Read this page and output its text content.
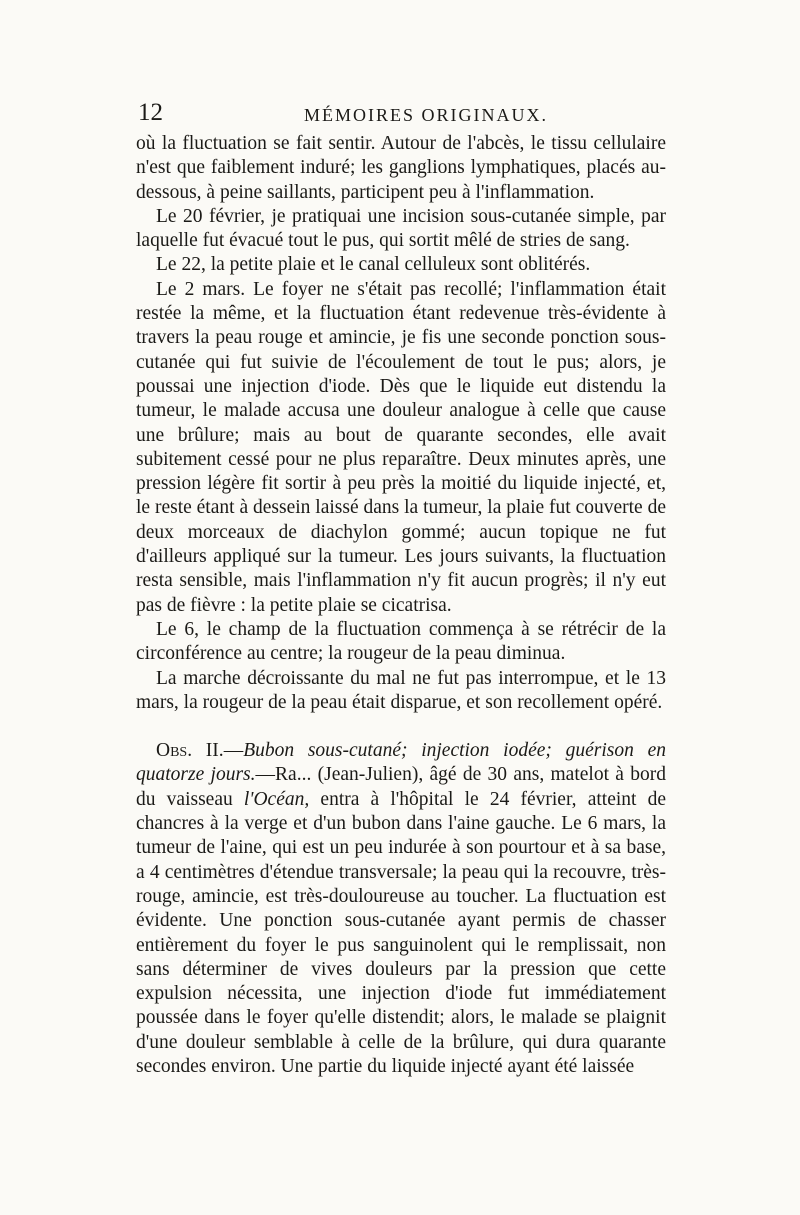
12	MÉMOIRES ORIGINAUX.

où la fluctuation se fait sentir. Autour de l'abcès, le tissu cellulaire n'est que faiblement induré; les ganglions lymphatiques, placés au-dessous, à peine saillants, participent peu à l'inflammation.

Le 20 février, je pratiquai une incision sous-cutanée simple, par laquelle fut évacué tout le pus, qui sortit mêlé de stries de sang.

Le 22, la petite plaie et le canal celluleux sont oblitérés.

Le 2 mars. Le foyer ne s'était pas recollé; l'inflammation était restée la même, et la fluctuation étant redevenue très-évidente à travers la peau rouge et amincie, je fis une seconde ponction sous-cutanée qui fut suivie de l'écoulement de tout le pus; alors, je poussai une injection d'iode. Dès que le liquide eut distendu la tumeur, le malade accusa une douleur analogue à celle que cause une brûlure; mais au bout de quarante secondes, elle avait subitement cessé pour ne plus reparaître. Deux minutes après, une pression légère fit sortir à peu près la moitié du liquide injecté, et, le reste étant à dessein laissé dans la tumeur, la plaie fut couverte de deux morceaux de diachylon gommé; aucun topique ne fut d'ailleurs appliqué sur la tumeur. Les jours suivants, la fluctuation resta sensible, mais l'inflammation n'y fit aucun progrès; il n'y eut pas de fièvre : la petite plaie se cicatrisa.

Le 6, le champ de la fluctuation commença à se rétrécir de la circonférence au centre; la rougeur de la peau diminua.

La marche décroissante du mal ne fut pas interrompue, et le 13 mars, la rougeur de la peau était disparue, et son recollement opéré.

Obs. II.—Bubon sous-cutané; injection iodée; guérison en quatorze jours.—Ra... (Jean-Julien), âgé de 30 ans, matelot à bord du vaisseau l'Océan, entra à l'hôpital le 24 février, atteint de chancres à la verge et d'un bubon dans l'aine gauche. Le 6 mars, la tumeur de l'aine, qui est un peu indurée à son pourtour et à sa base, a 4 centimètres d'étendue transversale; la peau qui la recouvre, très-rouge, amincie, est très-douloureuse au toucher. La fluctuation est évidente. Une ponction sous-cutanée ayant permis de chasser entièrement du foyer le pus sanguinolent qui le remplissait, non sans déterminer de vives douleurs par la pression que cette expulsion nécessita, une injection d'iode fut immédiatement poussée dans le foyer qu'elle distendit; alors, le malade se plaignit d'une douleur semblable à celle de la brûlure, qui dura quarante secondes environ. Une partie du liquide injecté ayant été laissée
